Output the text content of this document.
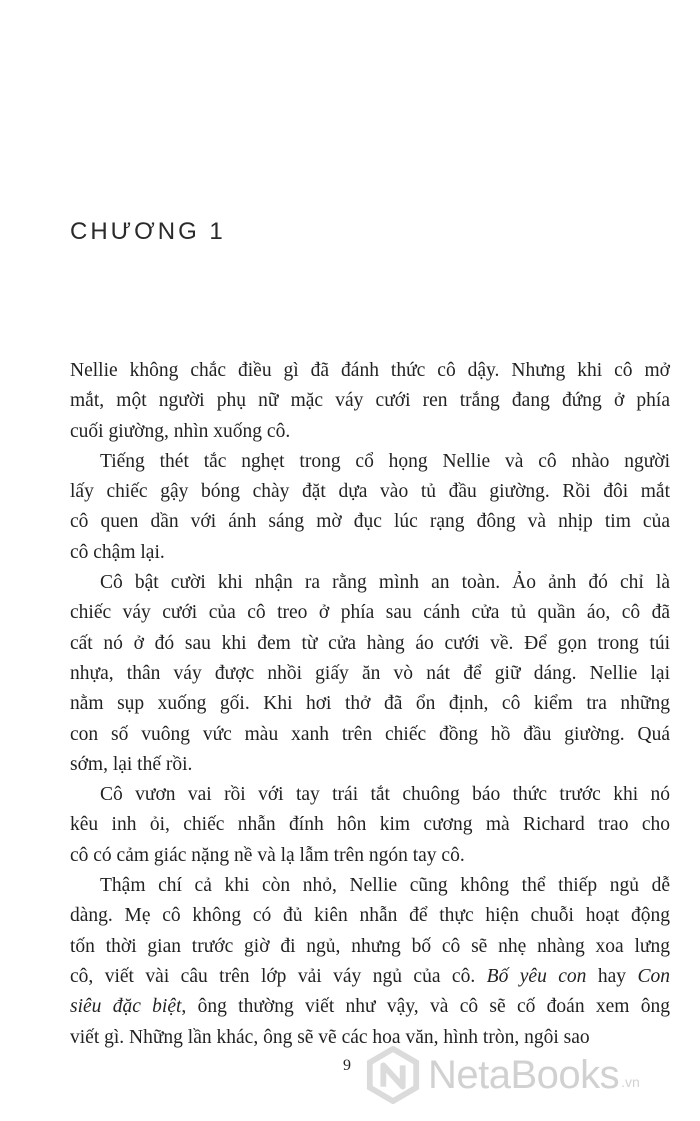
CHƯƠNG 1

Nellie không chắc điều gì đã đánh thức cô dậy. Nhưng khi cô mở
mắt, một người phụ nữ mặc váy cưới ren trắng đang đứng ở phía
cuối giường, nhìn xuống cô.

Tiếng thét tắc nghẹt trong cổ họng Nellie và cô nhào người
lấy chiếc gậy bóng chày đặt dựa vào tủ đầu giường. Rồi đôi mắt
cô quen dần với ánh sáng mờ đục lúc rạng đông và nhịp tim của
cô chậm lại.

Cô bật cười khi nhận ra rằng mình an toàn. Ảo ảnh đó chỉ là
chiếc váy cưới của cô treo ở phía sau cánh cửa tủ quần áo, cô đã
cất nó ở đó sau khi đem từ cửa hàng áo cưới về. Để gọn trong túi
nhựa, thân váy được nhồi giấy ăn vò nát để giữ dáng. Nellie lại
nằm sụp xuống gối. Khi hơi thở đã ổn định, cô kiểm tra những
con số vuông vức màu xanh trên chiếc đồng hồ đầu giường. Quá
sớm, lại thế rồi.

Cô vươn vai rồi với tay trái tắt chuông báo thức trước khi nó
kêu inh ỏi, chiếc nhẫn đính hôn kim cương mà Richard trao cho
cô có cảm giác nặng nề và lạ lẫm trên ngón tay cô.

Thậm chí cả khi còn nhỏ, Nellie cũng không thể thiếp ngủ dễ
dàng. Mẹ cô không có đủ kiên nhẫn để thực hiện chuỗi hoạt động
tốn thời gian trước giờ đi ngủ, nhưng bố cô sẽ nhẹ nhàng xoa lưng
cô, viết vài câu trên lớp vải váy ngủ của cô. Bố yêu con hay Con
siêu đặc biệt, ông thường viết như vậy, và cô sẽ cố đoán xem ông
viết gì. Những lần khác, ông sẽ vẽ các hoa văn, hình tròn, ngôi sao

9 NetaBooks .vn
